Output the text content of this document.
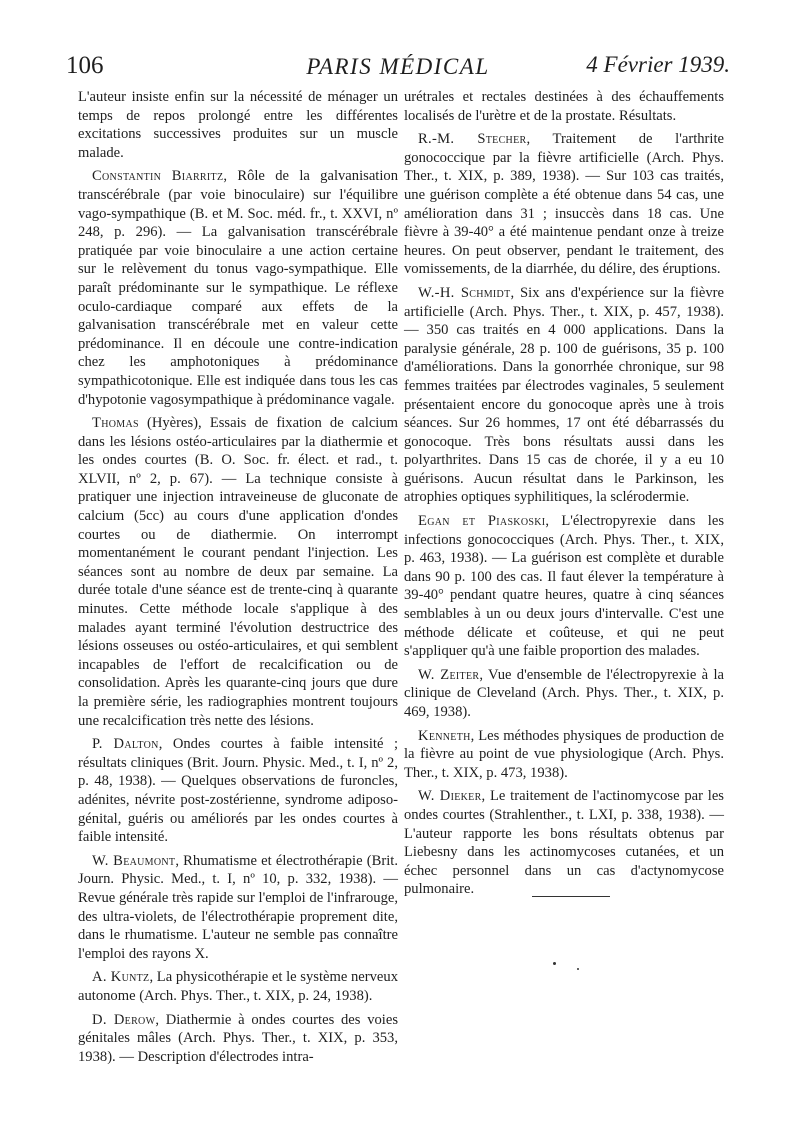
106	PARIS MÉDICAL	4 Février 1939.

L'auteur insiste enfin sur la nécessité de ménager un temps de repos prolongé entre les différentes excitations successives produites sur un muscle malade.

Constantin Biarritz, Rôle de la galvanisation transcérébrale (par voie binoculaire) sur l'équilibre vago-sympathique (B. et M. Soc. méd. fr., t. XXVI, nº 248, p. 296). — La galvanisation transcérébrale pratiquée par voie binoculaire a une action certaine sur le relèvement du tonus vago-sympathique. Elle paraît prédominante sur le sympathique. Le réflexe oculo-cardiaque comparé aux effets de la galvanisation transcérébrale met en valeur cette prédominance. Il en découle une contre-indication chez les amphotoniques à prédominance sympathicotonique. Elle est indiquée dans tous les cas d'hypotonie vagosympathique à prédominance vagale.

Thomas (Hyères), Essais de fixation de calcium dans les lésions ostéo-articulaires par la diathermie et les ondes courtes (B. O. Soc. fr. élect. et rad., t. XLVII, nº 2, p. 67). — La technique consiste à pratiquer une injection intraveineuse de gluconate de calcium (5cc) au cours d'une application d'ondes courtes ou de diathermie. On interrompt momentanément le courant pendant l'injection. Les séances sont au nombre de deux par semaine. La durée totale d'une séance est de trente-cinq à quarante minutes. Cette méthode locale s'applique à des malades ayant terminé l'évolution destructrice des lésions osseuses ou ostéo-articulaires, et qui semblent incapables de l'effort de recalcification ou de consolidation. Après les quarante-cinq jours que dure la première série, les radiographies montrent toujours une recalcification très nette des lésions.

P. Dalton, Ondes courtes à faible intensité ; résultats cliniques (Brit. Journ. Physic. Med., t. I, nº 2, p. 48, 1938). — Quelques observations de furoncles, adénites, névrite post-zostérienne, syndrome adiposo-génital, guéris ou améliorés par les ondes courtes à faible intensité.

W. Beaumont, Rhumatisme et électrothérapie (Brit. Journ. Physic. Med., t. I, nº 10, p. 332, 1938). — Revue générale très rapide sur l'emploi de l'infrarouge, des ultra-violets, de l'électrothérapie proprement dite, dans le rhumatisme. L'auteur ne semble pas connaître l'emploi des rayons X.

A. Kuntz, La physicothérapie et le système nerveux autonome (Arch. Phys. Ther., t. XIX, p. 24, 1938).

D. Derow, Diathermie à ondes courtes des voies génitales mâles (Arch. Phys. Ther., t. XIX, p. 353, 1938). — Description d'électrodes intra-

urétrales et rectales destinées à des échauffements localisés de l'urètre et de la prostate. Résultats.

R.-M. Stecher, Traitement de l'arthrite gonococcique par la fièvre artificielle (Arch. Phys. Ther., t. XIX, p. 389, 1938). — Sur 103 cas traités, une guérison complète a été obtenue dans 54 cas, une amélioration dans 31 ; insuccès dans 18 cas. Une fièvre à 39-40° a été maintenue pendant onze à treize heures. On peut observer, pendant le traitement, des vomissements, de la diarrhée, du délire, des éruptions.

W.-H. Schmidt, Six ans d'expérience sur la fièvre artificielle (Arch. Phys. Ther., t. XIX, p. 457, 1938). — 350 cas traités en 4 000 applications. Dans la paralysie générale, 28 p. 100 de guérisons, 35 p. 100 d'améliorations. Dans la gonorrhée chronique, sur 98 femmes traitées par électrodes vaginales, 5 seulement présentaient encore du gonocoque après une à trois séances. Sur 26 hommes, 17 ont été débarrassés du gonocoque. Très bons résultats aussi dans les polyarthrites. Dans 15 cas de chorée, il y a eu 10 guérisons. Aucun résultat dans le Parkinson, les atrophies optiques syphilitiques, la sclérodermie.

Egan et Piaskoski, L'électropyrexie dans les infections gonococciques (Arch. Phys. Ther., t. XIX, p. 463, 1938). — La guérison est complète et durable dans 90 p. 100 des cas. Il faut élever la température à 39-40° pendant quatre heures, quatre à cinq séances semblables à un ou deux jours d'intervalle. C'est une méthode délicate et coûteuse, et qui ne peut s'appliquer qu'à une faible proportion des malades.

W. Zeiter, Vue d'ensemble de l'électropyrexie à la clinique de Cleveland (Arch. Phys. Ther., t. XIX, p. 469, 1938).

Kenneth, Les méthodes physiques de production de la fièvre au point de vue physiologique (Arch. Phys. Ther., t. XIX, p. 473, 1938).

W. Dieker, Le traitement de l'actinomycose par les ondes courtes (Strahlenther., t. LXI, p. 338, 1938). — L'auteur rapporte les bons résultats obtenus par Liebesny dans les actinomycoses cutanées, et un échec personnel dans un cas d'actynomycose pulmonaire.
